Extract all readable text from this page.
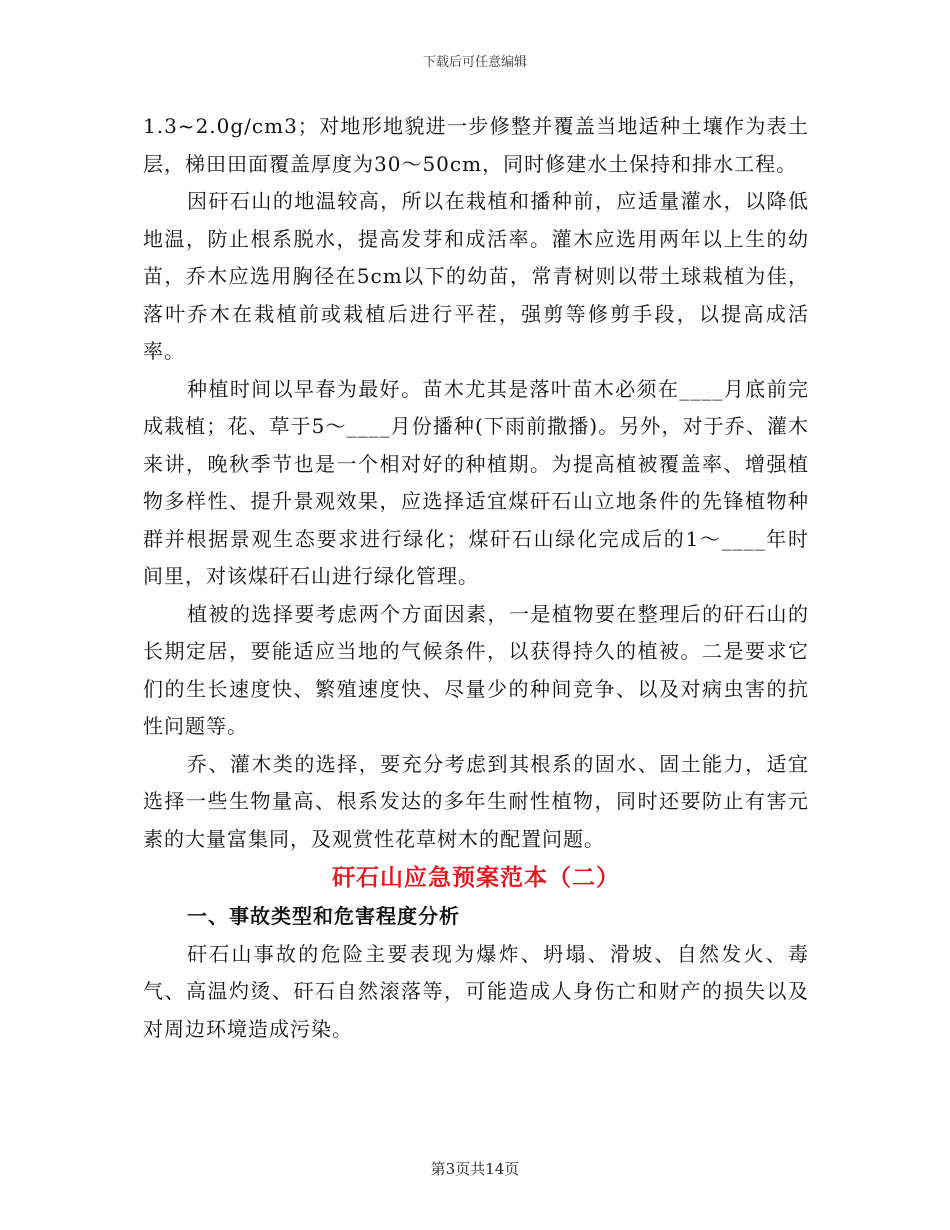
下载后可任意编辑

1.3~2.0g/cm3；对地形地貌进一步修整并覆盖当地适种土壤作为表土层，梯田田面覆盖厚度为30～50cm，同时修建水土保持和排水工程。

因矸石山的地温较高，所以在栽植和播种前，应适量灌水，以降低地温，防止根系脱水，提高发芽和成活率。灌木应选用两年以上生的幼苗，乔木应选用胸径在5cm以下的幼苗，常青树则以带土球栽植为佳，落叶乔木在栽植前或栽植后进行平茬，强剪等修剪手段，以提高成活率。

种植时间以早春为最好。苗木尤其是落叶苗木必须在____月底前完成栽植；花、草于5～____月份播种(下雨前撒播)。另外，对于乔、灌木来讲，晚秋季节也是一个相对好的种植期。为提高植被覆盖率、增强植物多样性、提升景观效果，应选择适宜煤矸石山立地条件的先锋植物种群并根据景观生态要求进行绿化；煤矸石山绿化完成后的1～____年时间里，对该煤矸石山进行绿化管理。

植被的选择要考虑两个方面因素，一是植物要在整理后的矸石山的长期定居，要能适应当地的气候条件，以获得持久的植被。二是要求它们的生长速度快、繁殖速度快、尽量少的种间竞争、以及对病虫害的抗性问题等。

乔、灌木类的选择，要充分考虑到其根系的固水、固土能力，适宜选择一些生物量高、根系发达的多年生耐性植物，同时还要防止有害元素的大量富集同，及观赏性花草树木的配置问题。

矸石山应急预案范本（二）
一、事故类型和危害程度分析

矸石山事故的危险主要表现为爆炸、坍塌、滑坡、自然发火、毒气、高温灼烫、矸石自然滚落等，可能造成人身伤亡和财产的损失以及对周边环境造成污染。

第3页共14页
